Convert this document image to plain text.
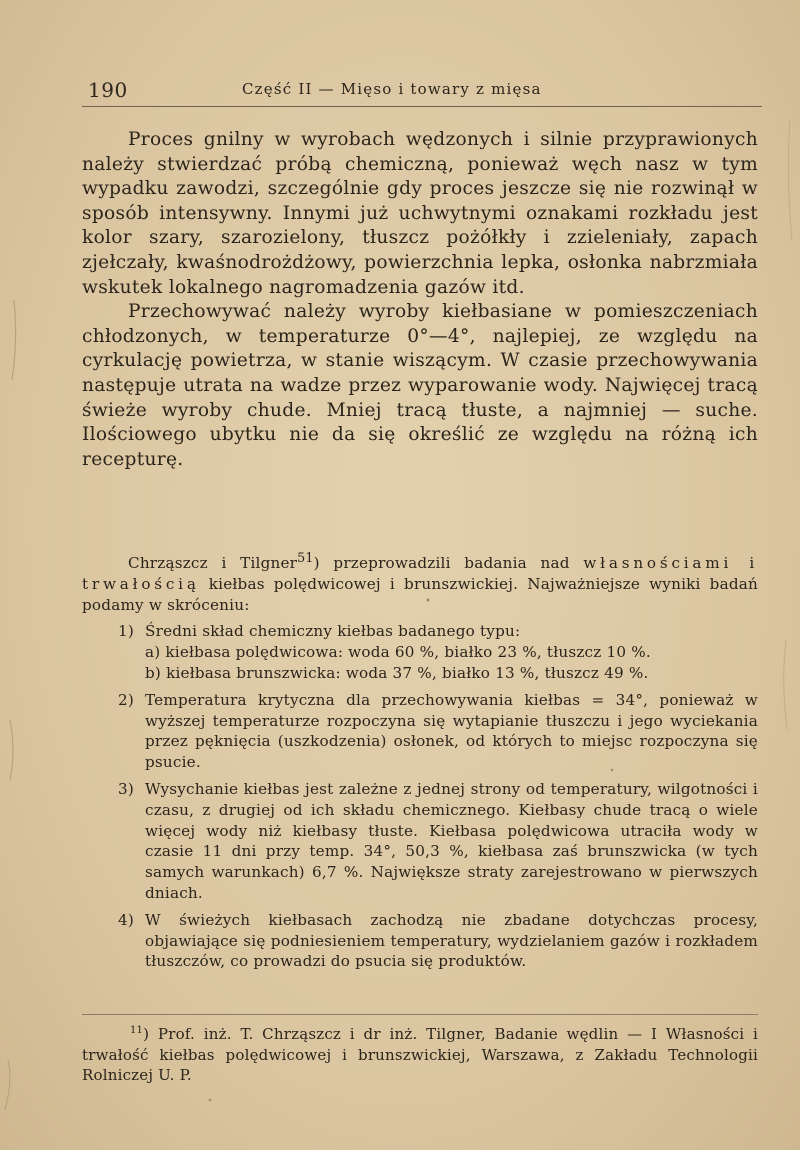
190	Część II — Mięso i towary z mięsa

Proces gnilny w wyrobach wędzonych i silnie przyprawionych należy stwierdzać próbą chemiczną, ponieważ węch nasz w tym wypadku zawodzi, szczególnie gdy proces jeszcze się nie rozwinął w sposób intensywny. Innymi już uchwytnymi oznakami rozkładu jest kolor szary, szarozielony, tłuszcz pożółkły i zzieleniały, zapach zjełczały, kwaśnodrożdżowy, powierzchnia lepka, osłonka nabrzmiała wskutek lokalnego nagromadzenia gazów itd.

Przechowywać należy wyroby kiełbasiane w pomieszczeniach chłodzonych, w temperaturze 0°—4°, najlepiej, ze względu na cyrkulację powietrza, w stanie wiszącym. W czasie przechowywania następuje utrata na wadze przez wyparowanie wody. Najwięcej tracą świeże wyroby chude. Mniej tracą tłuste, a najmniej — suche. Ilościowego ubytku nie da się określić ze względu na różną ich recepturę.

Chrząszcz i Tilgner$^{51}$) przeprowadzili badania nad własnościami i trwałością kiełbas polędwicowej i brunszwickiej. Najważniejsze wyniki badań podamy w skróceniu:

1) Średni skład chemiczny kiełbas badanego typu:
a) kiełbasa polędwicowa: woda 60 %, białko 23 %, tłuszcz 10 %.
b) kiełbasa brunszwicka: woda 37 %, białko 13 %, tłuszcz 49 %.
2) Temperatura krytyczna dla przechowywania kiełbas = 34°, ponieważ w wyższej temperaturze rozpoczyna się wytapianie tłuszczu i jego wyciekania przez pęknięcia (uszkodzenia) osłonek, od których to miejsc rozpoczyna się psucie.
3) Wysychanie kiełbas jest zależne z jednej strony od temperatury, wilgotności i czasu, z drugiej od ich składu chemicznego. Kiełbasy chude tracą o wiele więcej wody niż kiełbasy tłuste. Kiełbasa polędwicowa utraciła wody w czasie 11 dni przy temp. 34°, 50,3 %, kiełbasa zaś brunszwicka (w tych samych warunkach) 6,7 %. Największe straty zarejestrowano w pierwszych dniach.
4) W świeżych kiełbasach zachodzą nie zbadane dotychczas procesy, objawiające się podniesieniem temperatury, wydzielaniem gazów i rozkładem tłuszczów, co prowadzi do psucia się produktów.

$^{11}$) Prof. inż. T. Chrząszcz i dr inż. Tilgner, Badanie wędlin — I Własności i trwałość kiełbas polędwicowej i brunszwickiej, Warszawa, z Zakładu Technologii Rolniczej U. P.
